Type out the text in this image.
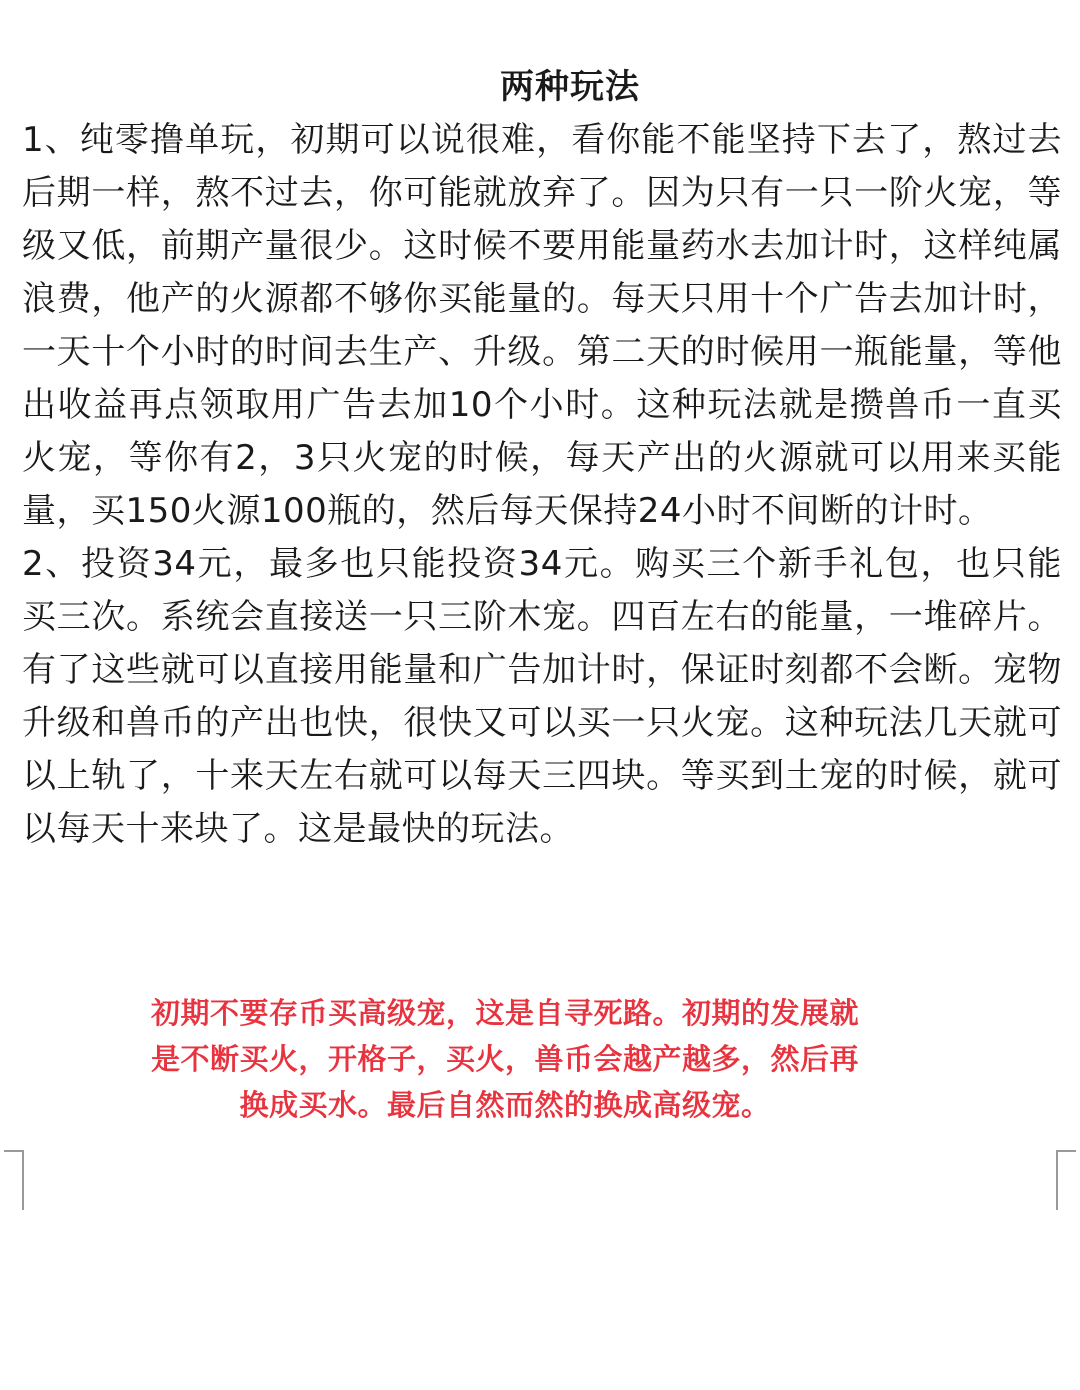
两种玩法

1、纯零撸单玩，初期可以说很难，看你能不能坚持下去了，熬过去后期一样，熬不过去，你可能就放弃了。因为只有一只一阶火宠，等级又低，前期产量很少。这时候不要用能量药水去加计时，这样纯属浪费，他产的火源都不够你买能量的。每天只用十个广告去加计时，一天十个小时的时间去生产、升级。第二天的时候用一瓶能量，等他出收益再点领取用广告去加10个小时。这种玩法就是攒兽币一直买火宠，等你有2，3只火宠的时候，每天产出的火源就可以用来买能量，买150火源100瓶的，然后每天保持24小时不间断的计时。

2、投资34元，最多也只能投资34元。购买三个新手礼包，也只能买三次。系统会直接送一只三阶木宠。四百左右的能量，一堆碎片。有了这些就可以直接用能量和广告加计时，保证时刻都不会断。宠物升级和兽币的产出也快，很快又可以买一只火宠。这种玩法几天就可以上轨了，十来天左右就可以每天三四块。等买到土宠的时候，就可以每天十来块了。这是最快的玩法。

初期不要存币买高级宠，这是自寻死路。初期的发展就
是不断买火，开格子，买火，兽币会越产越多，然后再
换成买水。最后自然而然的换成高级宠。
